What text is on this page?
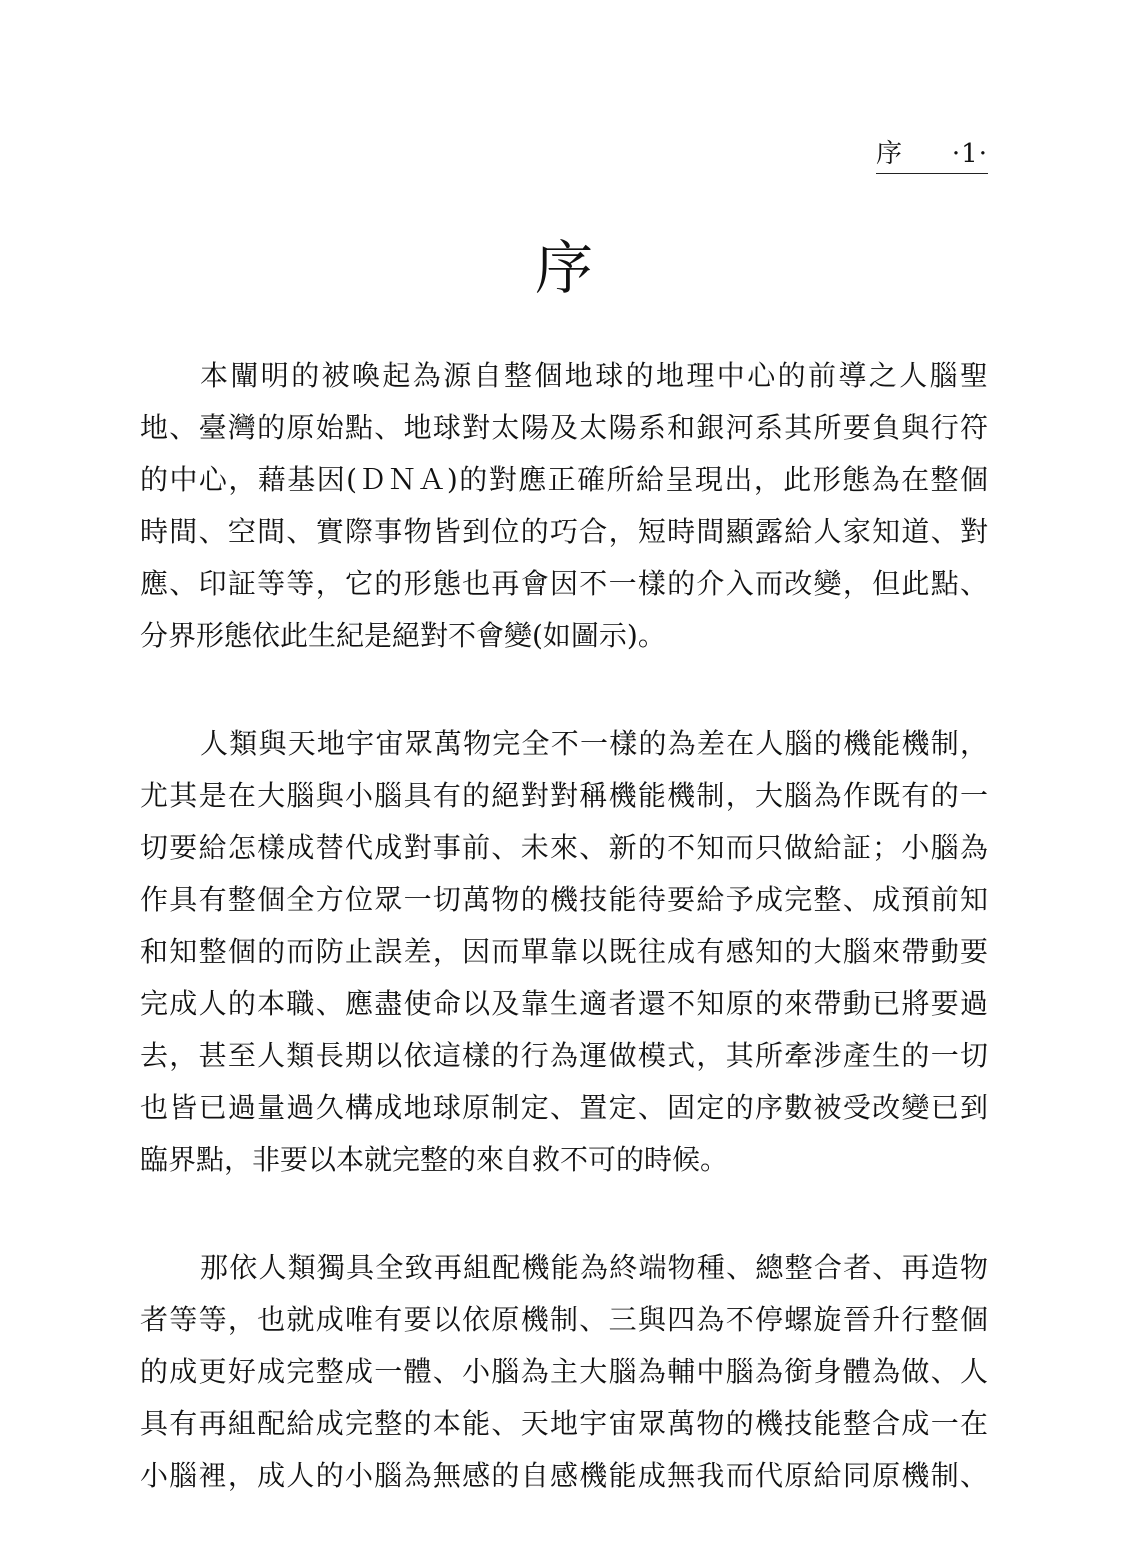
序 ·1·
序
本闡明的被喚起為源自整個地球的地理中心的前導之人腦聖
地、臺灣的原始點、地球對太陽及太陽系和銀河系其所要負與行符
的中心，藉基因(ＤＮＡ)的對應正確所給呈現出，此形態為在整個
時間、空間、實際事物皆到位的巧合，短時間顯露給人家知道、對
應、印証等等，它的形態也再會因不一樣的介入而改變，但此點、
分界形態依此生紀是絕對不會變(如圖示)。
人類與天地宇宙眾萬物完全不一樣的為差在人腦的機能機制，
尤其是在大腦與小腦具有的絕對對稱機能機制，大腦為作既有的一
切要給怎樣成替代成對事前、未來、新的不知而只做給証；小腦為
作具有整個全方位眾一切萬物的機技能待要給予成完整、成預前知
和知整個的而防止誤差，因而單靠以既往成有感知的大腦來帶動要
完成人的本職、應盡使命以及靠生適者還不知原的來帶動已將要過
去，甚至人類長期以依這樣的行為運做模式，其所牽涉產生的一切
也皆已過量過久構成地球原制定、置定、固定的序數被受改變已到
臨界點，非要以本就完整的來自救不可的時候。
那依人類獨具全致再組配機能為終端物種、總整合者、再造物
者等等，也就成唯有要以依原機制、三與四為不停螺旋晉升行整個
的成更好成完整成一體、小腦為主大腦為輔中腦為銜身體為做、人
具有再組配給成完整的本能、天地宇宙眾萬物的機技能整合成一在
小腦裡，成人的小腦為無感的自感機能成無我而代原給同原機制、
